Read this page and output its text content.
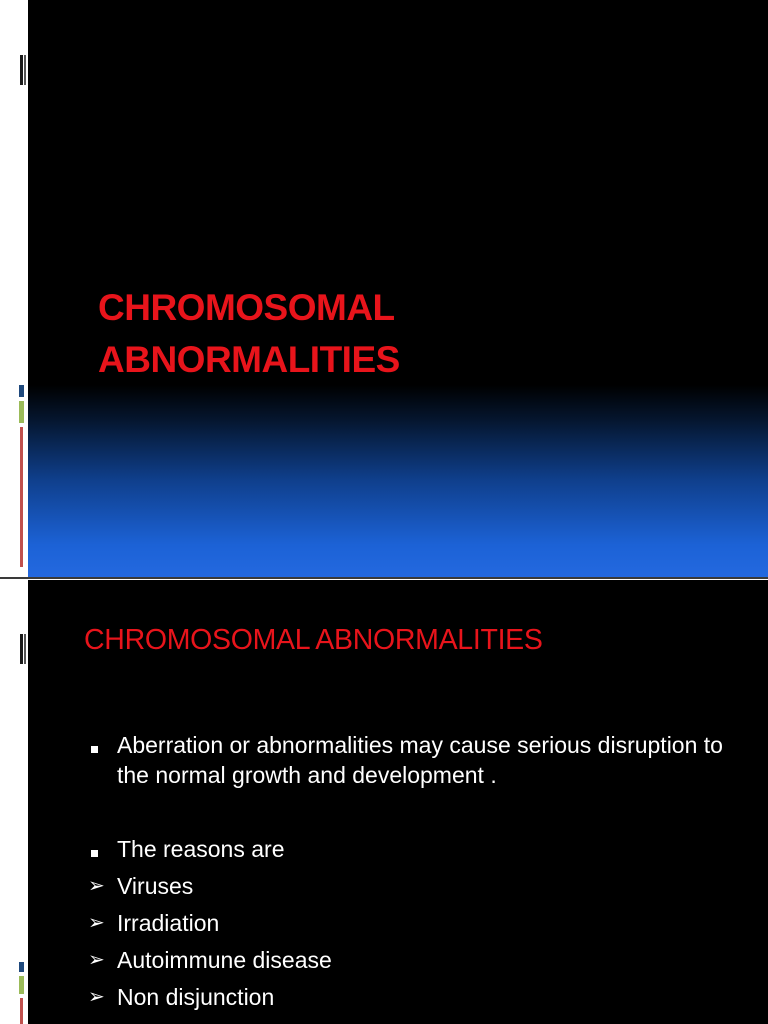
CHROMOSOMAL
ABNORMALITIES
CHROMOSOMAL ABNORMALITIES
Aberration or abnormalities may cause serious disruption to the normal growth and development .
The reasons are
➢ Viruses
➢ Irradiation
➢ Autoimmune disease
➢ Non disjunction
